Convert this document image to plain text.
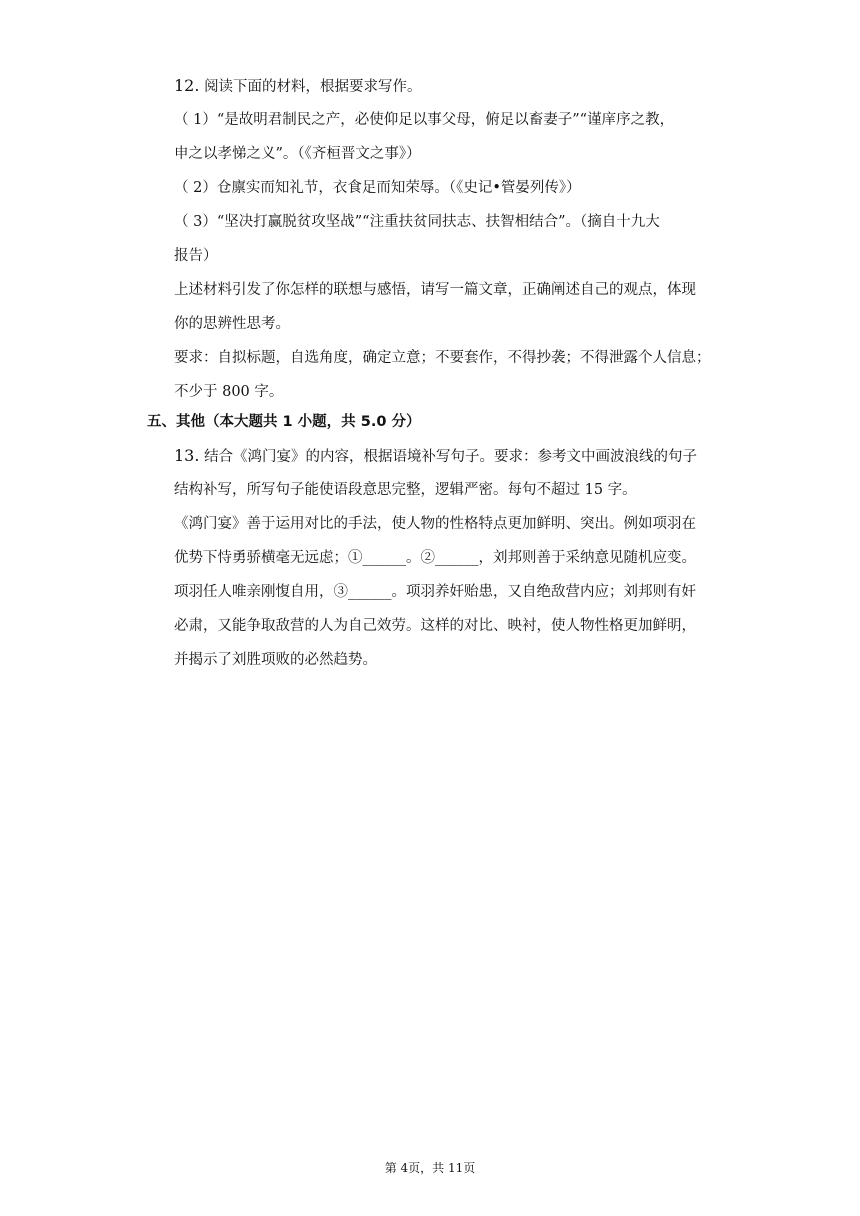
12. 阅读下面的材料，根据要求写作。
（ 1）“是故明君制民之产，必使仰足以事父母，俯足以畜妻子”“谨庠序之教，
申之以孝悌之义”。（《齐桓晋文之事》）
（ 2）仓廪实而知礼节，衣食足而知荣辱。（《史记•管晏列传》）
（ 3）“坚决打赢脱贫攻坚战”“注重扶贫同扶志、扶智相结合”。（摘自十九大
报告）
上述材料引发了你怎样的联想与感悟，请写一篇文章，正确阐述自己的观点，体现
你的思辨性思考。
要求：自拟标题，自选角度，确定立意；不要套作，不得抄袭；不得泄露个人信息；
不少于 800 字。
五、其他（本大题共 1 小题，共 5.0 分）
13. 结合《鸿门宴》的内容，根据语境补写句子。要求：参考文中画波浪线的句子
结构补写，所写句子能使语段意思完整，逻辑严密。每句不超过 15 字。
《鸿门宴》善于运用对比的手法，使人物的性格特点更加鲜明、突出。例如项羽在
优势下恃勇骄横毫无远虑；①______。②______，刘邦则善于采纳意见随机应变。
项羽任人唯亲刚愎自用，③______。项羽养奸贻患，又自绝敌营内应；刘邦则有奸
必肃，又能争取敌营的人为自己效劳。这样的对比、映衬，使人物性格更加鲜明，
并揭示了刘胜项败的必然趋势。
第 4页，共 11页
